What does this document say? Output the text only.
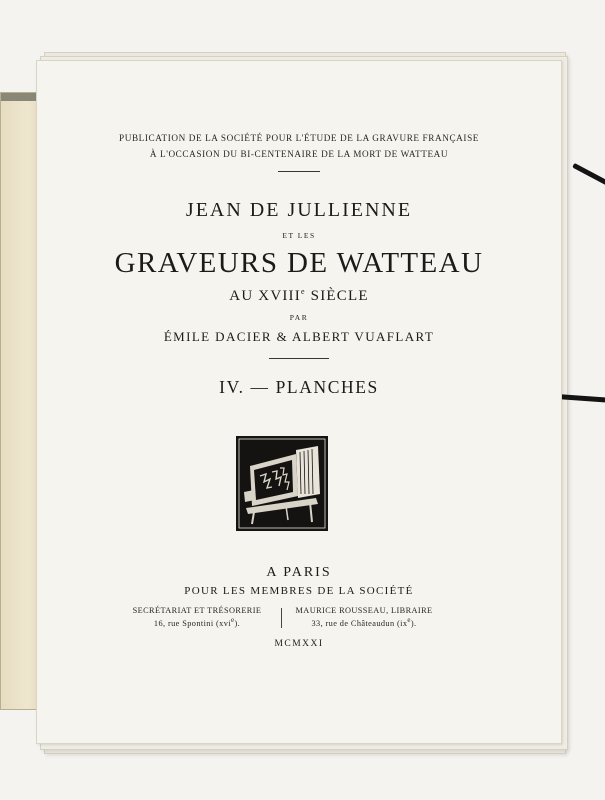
PUBLICATION DE LA SOCIÉTÉ POUR L'ÉTUDE DE LA GRAVURE FRANÇAISE
À L'OCCASION DU BI-CENTENAIRE DE LA MORT DE WATTEAU
JEAN DE JULLIENNE
ET LES
GRAVEURS DE WATTEAU
AU XVIIIe SIÈCLE
PAR
ÉMILE DACIER & ALBERT VUAFLART
IV. — PLANCHES
A PARIS
POUR LES MEMBRES DE LA SOCIÉTÉ
SECRÉTARIAT ET TRÉSORERIE
16, rue Spontini (xvi$^e$).
MAURICE ROUSSEAU, LIBRAIRE
33, rue de Châteaudun $(ix^e)$.
MCMXXI
